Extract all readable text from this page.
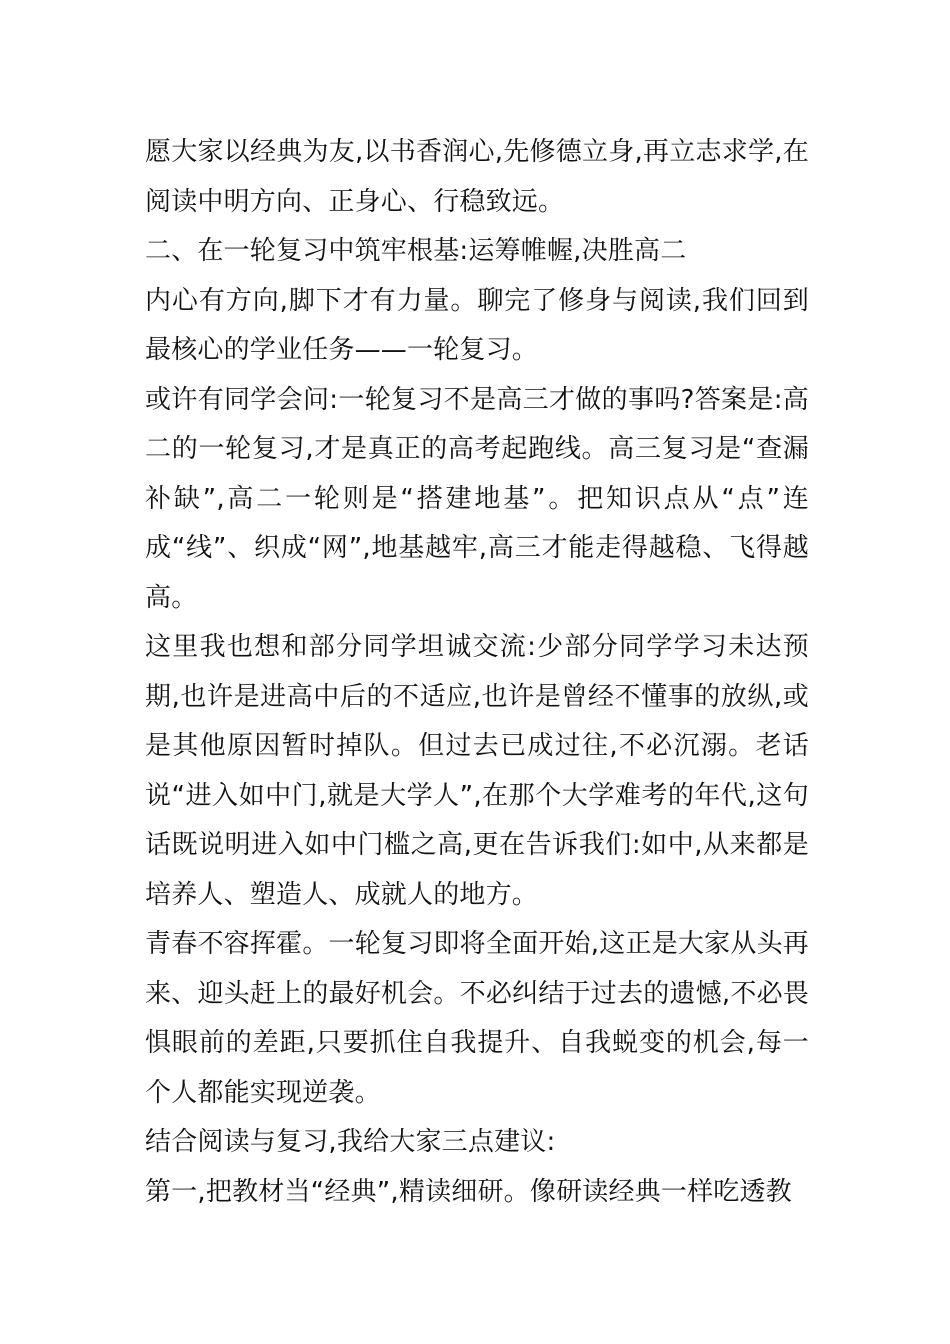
愿大家以经典为友,以书香润心,先修德立身,再立志求学,在阅读中明方向、正身心、行稳致远。

二、在一轮复习中筑牢根基:运筹帷幄,决胜高二

内心有方向,脚下才有力量。聊完了修身与阅读,我们回到最核心的学业任务——一轮复习。

或许有同学会问:一轮复习不是高三才做的事吗?答案是:高二的一轮复习,才是真正的高考起跑线。高三复习是“查漏补缺”,高二一轮则是“搭建地基”。把知识点从“点”连成“线”、织成“网”,地基越牢,高三才能走得越稳、飞得越高。

这里我也想和部分同学坦诚交流:少部分同学学习未达预期,也许是进高中后的不适应,也许是曾经不懂事的放纵,或是其他原因暂时掉队。但过去已成过往,不必沉溺。老话说“进入如中门,就是大学人”,在那个大学难考的年代,这句话既说明进入如中门槛之高,更在告诉我们:如中,从来都是培养人、塑造人、成就人的地方。

青春不容挥霍。一轮复习即将全面开始,这正是大家从头再来、迎头赶上的最好机会。不必纠结于过去的遗憾,不必畏惧眼前的差距,只要抓住自我提升、自我蜕变的机会,每一个人都能实现逆袭。

结合阅读与复习,我给大家三点建议:

第一,把教材当“经典”,精读细研。像研读经典一样吃透教
